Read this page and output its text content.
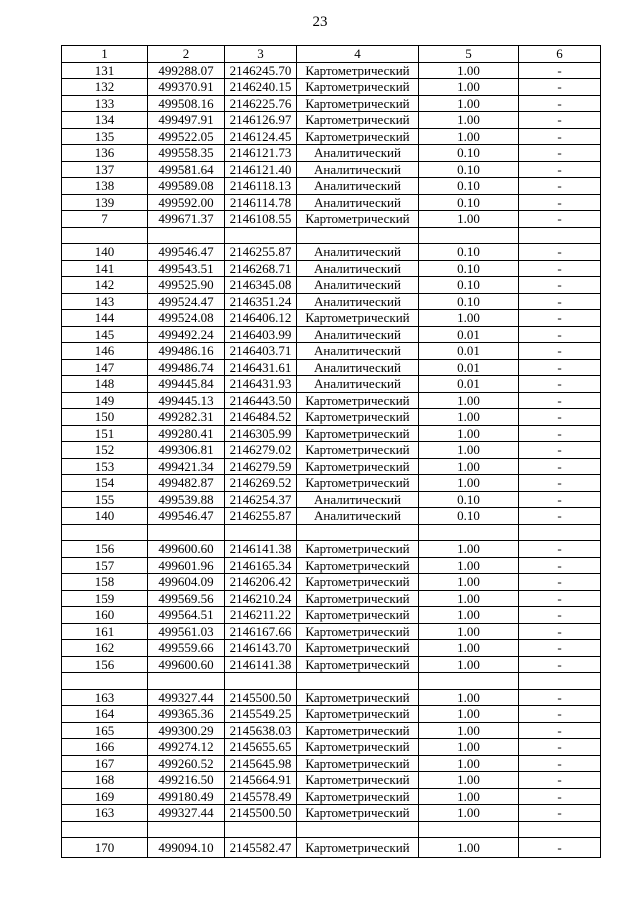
23
1	2	3	4	5	6
131	499288.07	2146245.70	Картометрический	1.00	-
132	499370.91	2146240.15	Картометрический	1.00	-
133	499508.16	2146225.76	Картометрический	1.00	-
134	499497.91	2146126.97	Картометрический	1.00	-
135	499522.05	2146124.45	Картометрический	1.00	-
136	499558.35	2146121.73	Аналитический	0.10	-
137	499581.64	2146121.40	Аналитический	0.10	-
138	499589.08	2146118.13	Аналитический	0.10	-
139	499592.00	2146114.78	Аналитический	0.10	-
7	499671.37	2146108.55	Картометрический	1.00	-

140	499546.47	2146255.87	Аналитический	0.10	-
141	499543.51	2146268.71	Аналитический	0.10	-
142	499525.90	2146345.08	Аналитический	0.10	-
143	499524.47	2146351.24	Аналитический	0.10	-
144	499524.08	2146406.12	Картометрический	1.00	-
145	499492.24	2146403.99	Аналитический	0.01	-
146	499486.16	2146403.71	Аналитический	0.01	-
147	499486.74	2146431.61	Аналитический	0.01	-
148	499445.84	2146431.93	Аналитический	0.01	-
149	499445.13	2146443.50	Картометрический	1.00	-
150	499282.31	2146484.52	Картометрический	1.00	-
151	499280.41	2146305.99	Картометрический	1.00	-
152	499306.81	2146279.02	Картометрический	1.00	-
153	499421.34	2146279.59	Картометрический	1.00	-
154	499482.87	2146269.52	Картометрический	1.00	-
155	499539.88	2146254.37	Аналитический	0.10	-
140	499546.47	2146255.87	Аналитический	0.10	-

156	499600.60	2146141.38	Картометрический	1.00	-
157	499601.96	2146165.34	Картометрический	1.00	-
158	499604.09	2146206.42	Картометрический	1.00	-
159	499569.56	2146210.24	Картометрический	1.00	-
160	499564.51	2146211.22	Картометрический	1.00	-
161	499561.03	2146167.66	Картометрический	1.00	-
162	499559.66	2146143.70	Картометрический	1.00	-
156	499600.60	2146141.38	Картометрический	1.00	-

163	499327.44	2145500.50	Картометрический	1.00	-
164	499365.36	2145549.25	Картометрический	1.00	-
165	499300.29	2145638.03	Картометрический	1.00	-
166	499274.12	2145655.65	Картометрический	1.00	-
167	499260.52	2145645.98	Картометрический	1.00	-
168	499216.50	2145664.91	Картометрический	1.00	-
169	499180.49	2145578.49	Картометрический	1.00	-
163	499327.44	2145500.50	Картометрический	1.00	-

170	499094.10	2145582.47	Картометрический	1.00	-
